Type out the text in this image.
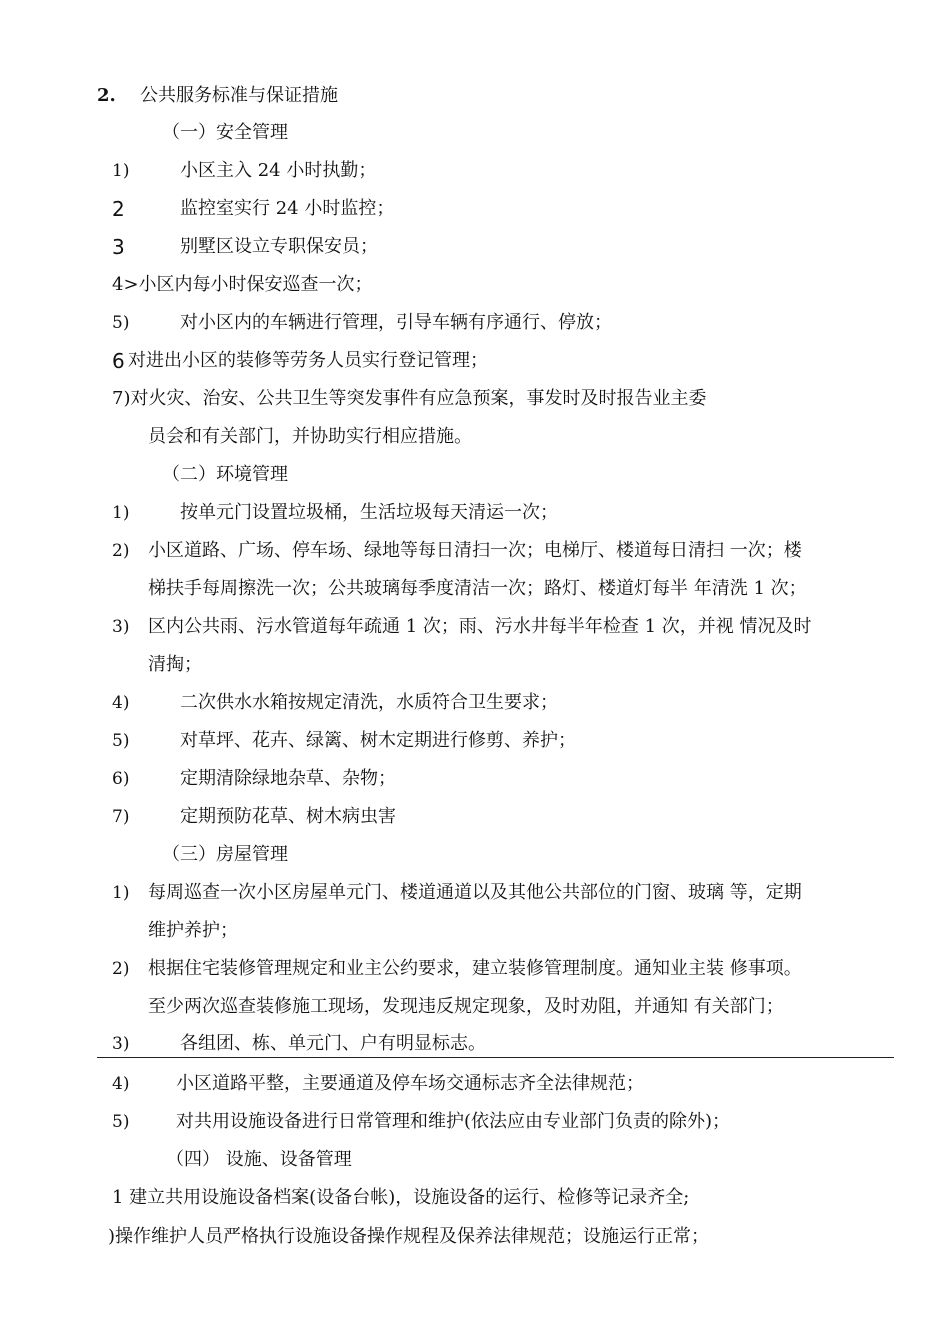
2. 公共服务标准与保证措施
（一）安全管理
1)	小区主入 24 小时执勤；
2	监控室实行 24 小时监控；
3	别墅区设立专职保安员；
4>小区内每小时保安巡查一次；
5)	对小区内的车辆进行管理，引导车辆有序通行、停放；
6 对进出小区的装修等劳务人员实行登记管理；
7)对火灾、治安、公共卫生等突发事件有应急预案，事发时及时报告业主委
员会和有关部门，并协助实行相应措施。
（二）环境管理
1)	按单元门设置垃圾桶，生活垃圾每天清运一次；
2) 小区道路、广场、停车场、绿地等每日清扫一次；电梯厅、楼道每日清扫 一次；楼
梯扶手每周擦洗一次；公共玻璃每季度清洁一次；路灯、楼道灯每半 年清洗 1 次；
3) 区内公共雨、污水管道每年疏通 1 次；雨、污水井每半年检查 1 次，并视 情况及时
清掏；
4)	二次供水水箱按规定清洗，水质符合卫生要求；
5)	对草坪、花卉、绿篱、树木定期进行修剪、养护；
6)	定期清除绿地杂草、杂物；
7)	定期预防花草、树木病虫害
（三）房屋管理
1) 每周巡查一次小区房屋单元门、楼道通道以及其他公共部位的门窗、玻璃 等，定期
维护养护；
2) 根据住宅装修管理规定和业主公约要求，建立装修管理制度。通知业主装 修事项。
至少两次巡查装修施工现场，发现违反规定现象，及时劝阻，并通知 有关部门；
3)	各组团、栋、单元门、户有明显标志。
4)	小区道路平整，主要通道及停车场交通标志齐全法律规范；
5)	对共用设施设备进行日常管理和维护(依法应由专业部门负责的除外)；
（四） 设施、设备管理
1 建立共用设施设备档案(设备台帐)，设施设备的运行、检修等记录齐全;
)操作维护人员严格执行设施设备操作规程及保养法律规范；设施运行正常；
